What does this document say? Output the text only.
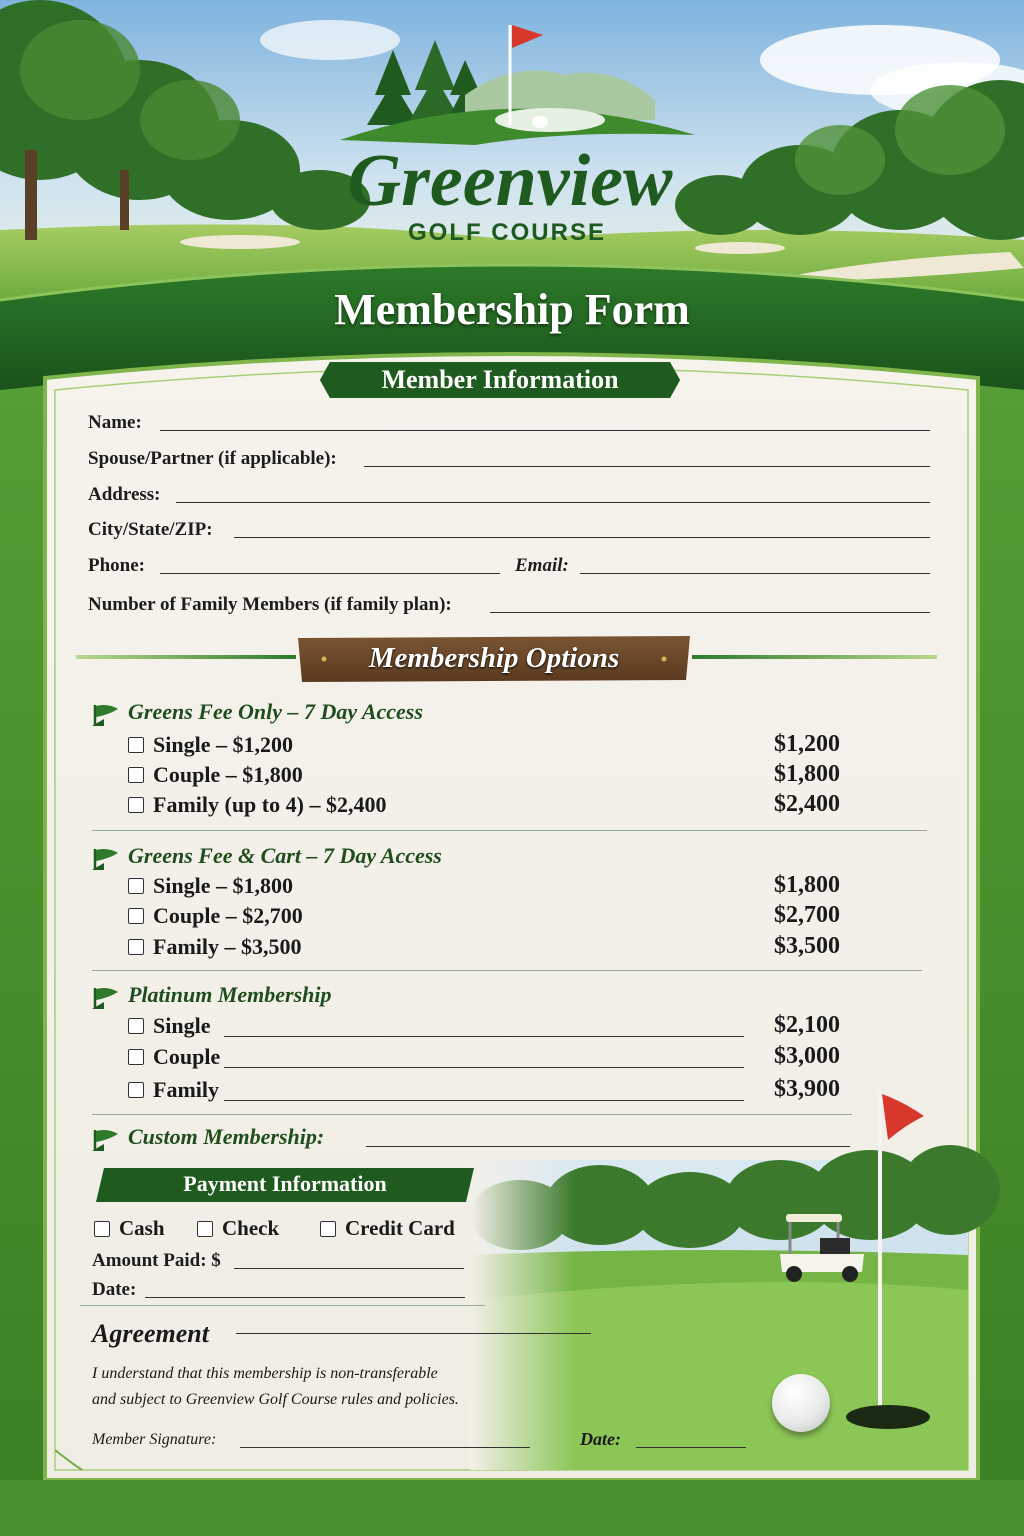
Greenview
GOLF COURSE
Membership Form
Member Information
Name:
Spouse/Partner (if applicable):
Address:
City/State/ZIP:
Phone:	Email:
Number of Family Members (if family plan):
Membership Options
Greens Fee Only – 7 Day Access
Single – $1,200	$1,200
Couple – $1,800	$1,800
Family (up to 4) – $2,400	$2,400
Greens Fee & Cart – 7 Day Access
Single – $1,800	$1,800
Couple – $2,700	$2,700
Family – $3,500	$3,500
Platinum Membership
Single	$2,100
Couple	$3,000
Family	$3,900
Custom Membership:
Payment Information
Cash	Check	Credit Card
Amount Paid: $
Date:
Agreement
I understand that this membership is non-transferable
and subject to Greenview Golf Course rules and policies.
Member Signature:	Date:
